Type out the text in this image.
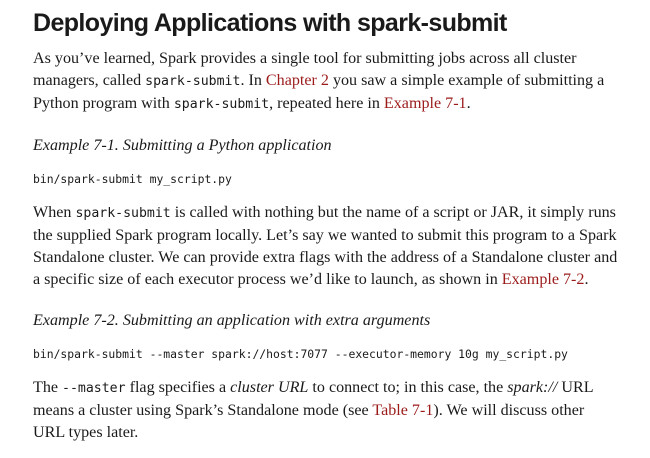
Deploying Applications with spark-submit

As you’ve learned, Spark provides a single tool for submitting jobs across all cluster managers, called spark-submit. In Chapter 2 you saw a simple example of submitting a Python program with spark-submit, repeated here in Example 7-1.

Example 7-1. Submitting a Python application
bin/spark-submit my_script.py

When spark-submit is called with nothing but the name of a script or JAR, it simply runs the supplied Spark program locally. Let’s say we wanted to submit this program to a Spark Standalone cluster. We can provide extra flags with the address of a Standalone cluster and a specific size of each executor process we’d like to launch, as shown in Example 7-2.

Example 7-2. Submitting an application with extra arguments
bin/spark-submit --master spark://host:7077 --executor-memory 10g my_script.py

The --master flag specifies a cluster URL to connect to; in this case, the spark:// URL means a cluster using Spark’s Standalone mode (see Table 7-1). We will discuss other URL types later.
